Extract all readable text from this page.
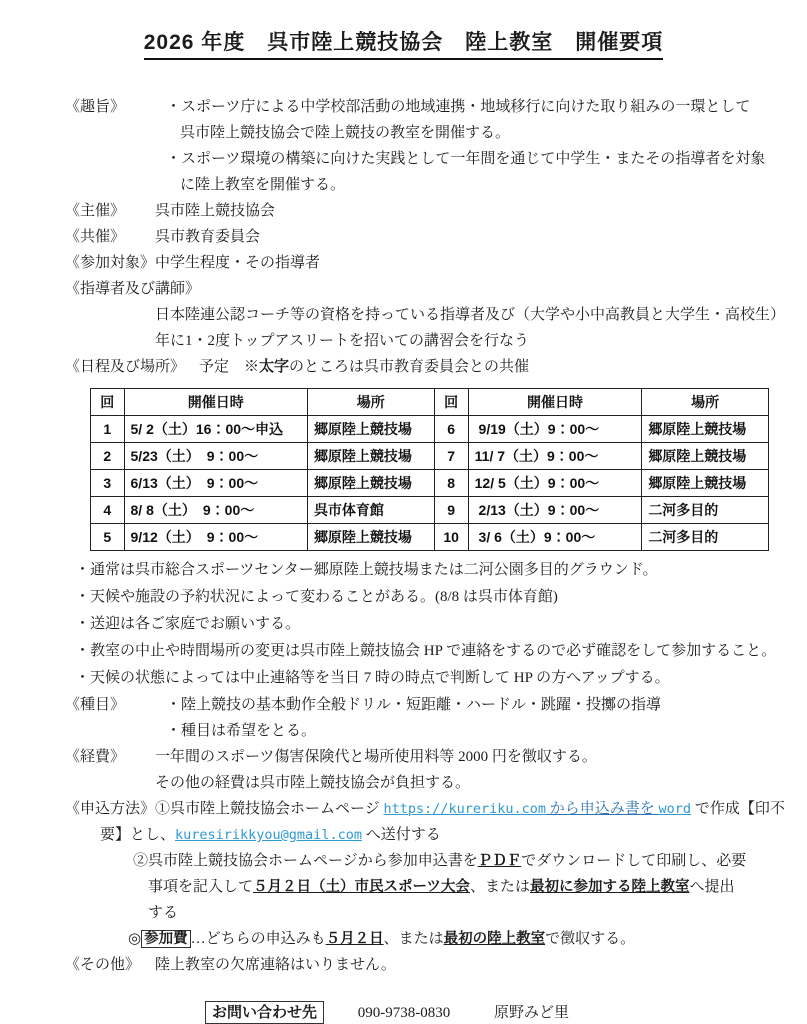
2026 年度　呉市陸上競技協会　陸上教室　開催要項
《趣旨》	・スポーツ庁による中学校部活動の地域連携・地域移行に向けた取り組みの一環として
呉市陸上競技協会で陸上競技の教室を開催する。
・スポーツ環境の構築に向けた実践として一年間を通じて中学生・またその指導者を対象
に陸上教室を開催する。
《主催》 呉市陸上競技協会
《共催》 呉市教育委員会
《参加対象》 中学生程度・その指導者
《指導者及び講師》
日本陸連公認コーチ等の資格を持っている指導者及び（大学や小中高教員と大学生・高校生）
年に1・2度トップアスリートを招いての講習会を行なう
《日程及び場所》 予定　※太字のところは呉市教育委員会との共催
回	開催日時	場所	回	開催日時	場所
1	5/ 2（土）16：00～申込	郷原陸上競技場	6	9/19（土）9：00～	郷原陸上競技場
2	5/23（土）　9：00～	郷原陸上競技場	7	11/ 7（土）9：00～	郷原陸上競技場
3	6/13（土）　9：00～	郷原陸上競技場	8	12/ 5（土）9：00～	郷原陸上競技場
4	8/ 8（土）　9：00～	呉市体育館	9	2/13（土）9：00～	二河多目的
5	9/12（土）　9：00～	郷原陸上競技場	10	3/ 6（土）9：00～	二河多目的
・通常は呉市総合スポーツセンター郷原陸上競技場または二河公園多目的グラウンド。
・天候や施設の予約状況によって変わることがある。(8/8 は呉市体育館)
・送迎は各ご家庭でお願いする。
・教室の中止や時間場所の変更は呉市陸上競技協会 HP で連絡をするので必ず確認をして参加すること。
・天候の状態によっては中止連絡等を当日 7 時の時点で判断して HP の方へアップする。
《種目》	・陸上競技の基本動作全般ドリル・短距離・ハードル・跳躍・投擲の指導
・種目は希望をとる。
《経費》 一年間のスポーツ傷害保険代と場所使用料等 2000 円を徴収する。
その他の経費は呉市陸上競技協会が負担する。
《申込方法》①呉市陸上競技協会ホームページ https://kureriku.com から申込み書を word で作成【印不
要】とし、kuresirikkyou@gmail.com へ送付する
②呉市陸上競技協会ホームページから参加申込書をＰＤＦでダウンロードして印刷し、必要
事項を記入して５月２日（土）市民スポーツ大会、または最初に参加する陸上教室へ提出
する
◎ 参加費 …どちらの申込みも５月２日、または最初の陸上教室で徴収する。
《その他》 陸上教室の欠席連絡はいりません。
お問い合わせ先	090-9738-0830	原野みど里
